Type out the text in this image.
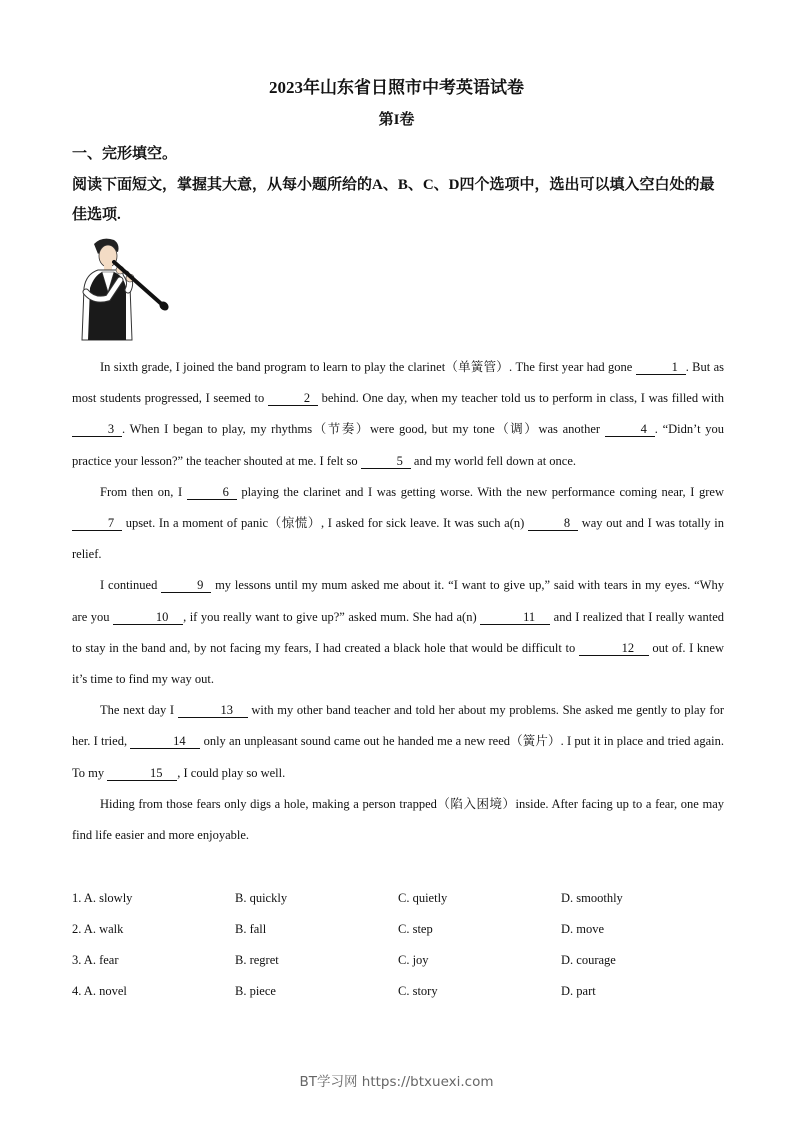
2023年山东省日照市中考英语试卷
第I卷
一、完形填空。
阅读下面短文，掌握其大意，从每小题所给的A、B、C、D四个选项中，选出可以填入空白处的最佳选项.

In sixth grade, I joined the band program to learn to play the clarinet（单簧管）. The first year had gone	1 . But as most students progressed, I seemed to	2 behind. One day, when my teacher told us to perform in class, I was filled with 3 . When I began to play, my rhythms（节奏）were good, but my tone（调）was another	4 . “Didn’t you practice your lesson?” the teacher shouted at me. I felt so	5 and my world fell down at once.

From then on, I	6 playing the clarinet and I was getting worse. With the new performance coming near, I grew 7 upset. In a moment of panic（惊慌）, I asked for sick leave. It was such a(n)	8 way out and I was totally in relief.

I continued	9 my lessons until my mum asked me about it. “I want to give up,” said with tears in my eyes. “Why are you	10 , if you really want to give up?” asked mum. She had a(n)	11 and I realized that I really wanted to stay in the band and, by not facing my fears, I had created a black hole that would be difficult to	12 out of. I knew it’s time to find my way out.

The next day I	13 with my other band teacher and told her about my problems. She asked me gently to play for her. I tried,	14 only an unpleasant sound came out he handed me a new reed（簧片）. I put it in place and tried again. To my	15 , I could play so well.

Hiding from those fears only digs a hole, making a person trapped（陷入困境）inside. After facing up to a fear, one may find life easier and more enjoyable.

1. A. slowly	B. quickly	C. quietly	D. smoothly
2. A. walk	B. fall	C. step	D. move
3. A. fear	B. regret	C. joy	D. courage
4. A. novel	B. piece	C. story	D. part
BT学习网 https://btxuexi.com
